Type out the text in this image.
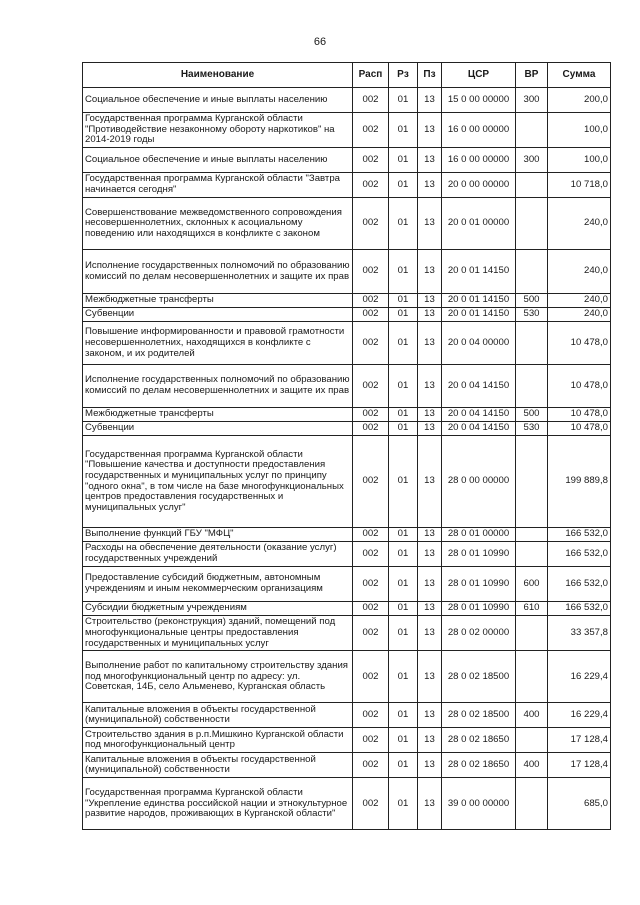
66
Наименование	Расп	Рз	Пз	ЦСР	ВР	Сумма
Социальное обеспечение и иные выплаты населению	002	01	13	15 0 00 00000	300	200,0
Государственная программа Курганской области "Противодействие незаконному обороту наркотиков" на 2014-2019 годы	002	01	13	16 0 00 00000		100,0
Социальное обеспечение и иные выплаты населению	002	01	13	16 0 00 00000	300	100,0
Государственная программа Курганской области "Завтра начинается сегодня"	002	01	13	20 0 00 00000		10 718,0
Совершенствование межведомственного сопровождения несовершеннолетних, склонных к асоциальному поведению или находящихся в конфликте с законом	002	01	13	20 0 01 00000		240,0
Исполнение государственных полномочий по образованию комиссий по делам несовершеннолетних и защите их прав	002	01	13	20 0 01 14150		240,0
Межбюджетные трансферты	002	01	13	20 0 01 14150	500	240,0
Субвенции	002	01	13	20 0 01 14150	530	240,0
Повышение информированности и правовой грамотности несовершеннолетних, находящихся в конфликте с законом, и их родителей	002	01	13	20 0 04 00000		10 478,0
Исполнение государственных полномочий по образованию комиссий по делам несовершеннолетних и защите их прав	002	01	13	20 0 04 14150		10 478,0
Межбюджетные трансферты	002	01	13	20 0 04 14150	500	10 478,0
Субвенции	002	01	13	20 0 04 14150	530	10 478,0
Государственная программа Курганской области "Повышение качества и доступности предоставления государственных и муниципальных услуг по принципу "одного окна", в том числе на базе многофункциональных центров предоставления государственных и муниципальных услуг"	002	01	13	28 0 00 00000		199 889,8
Выполнение функций ГБУ "МФЦ"	002	01	13	28 0 01 00000		166 532,0
Расходы на обеспечение деятельности (оказание услуг) государственных учреждений	002	01	13	28 0 01 10990		166 532,0
Предоставление субсидий бюджетным, автономным учреждениям и иным некоммерческим организациям	002	01	13	28 0 01 10990	600	166 532,0
Субсидии бюджетным учреждениям	002	01	13	28 0 01 10990	610	166 532,0
Строительство (реконструкция) зданий, помещений под многофункциональные центры предоставления государственных и муниципальных услуг	002	01	13	28 0 02 00000		33 357,8
Выполнение работ по капитальному строительству здания под многофункциональный центр по адресу: ул. Советская, 14Б, село Альменево, Курганская область	002	01	13	28 0 02 18500		16 229,4
Капитальные вложения в объекты государственной (муниципальной) собственности	002	01	13	28 0 02 18500	400	16 229,4
Строительство здания в р.п.Мишкино Курганской области под многофункциональный центр	002	01	13	28 0 02 18650		17 128,4
Капитальные вложения в объекты государственной (муниципальной) собственности	002	01	13	28 0 02 18650	400	17 128,4
Государственная программа Курганской области "Укрепление единства российской нации и этнокультурное развитие народов, проживающих в Курганской области"	002	01	13	39 0 00 00000		685,0
